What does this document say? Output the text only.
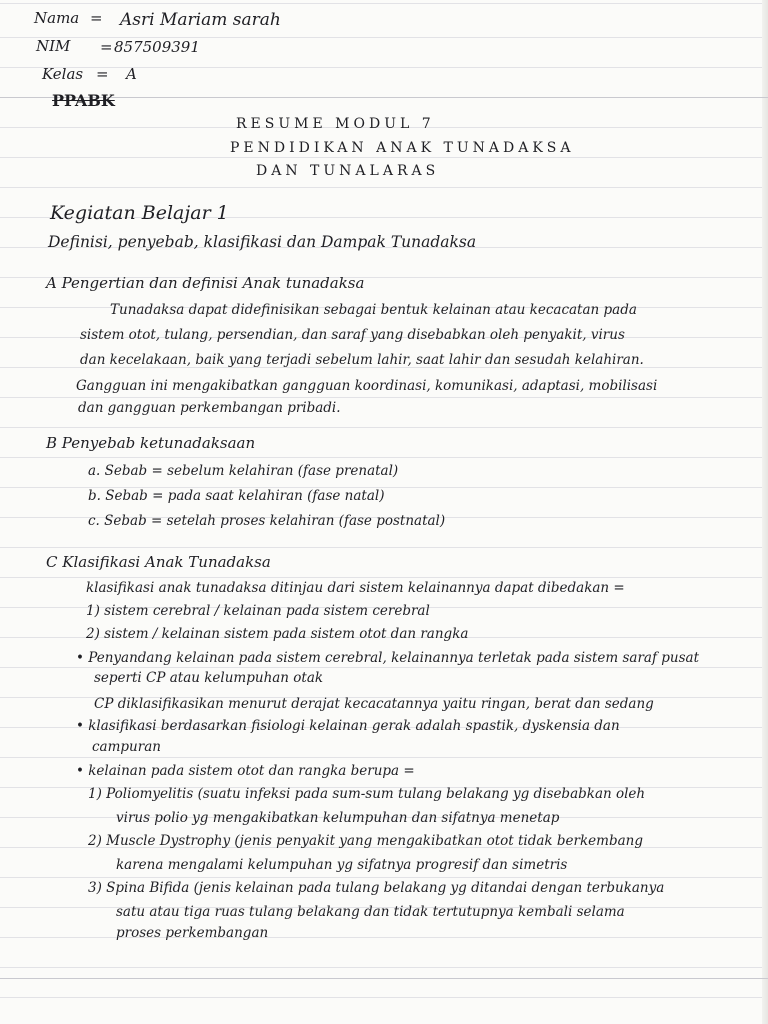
Nama = Asri Mariam sarah
NIM = 857509391
Kelas = A
PPABK
RESUME MODUL 7
PENDIDIKAN ANAK TUNADAKSA
DAN TUNALARAS
Kegiatan Belajar 1
Definisi, penyebab, klasifikasi dan Dampak Tunadaksa
A Pengertian dan definisi Anak tunadaksa
Tunadaksa dapat didefinisikan sebagai bentuk kelainan atau kecacatan pada
sistem otot, tulang, persendian, dan saraf yang disebabkan oleh penyakit, virus
dan kecelakaan, baik yang terjadi sebelum lahir, saat lahir dan sesudah kelahiran.
Gangguan ini mengakibatkan gangguan koordinasi, komunikasi, adaptasi, mobilisasi
dan gangguan perkembangan pribadi.
B Penyebab ketunadaksaan
a. Sebab = sebelum kelahiran (fase prenatal)
b. Sebab = pada saat kelahiran (fase natal)
c. Sebab = setelah proses kelahiran (fase postnatal)
C Klasifikasi Anak Tunadaksa
klasifikasi anak tunadaksa ditinjau dari sistem kelainannya dapat dibedakan =
1) sistem cerebral / kelainan pada sistem cerebral
2) sistem / kelainan sistem pada sistem otot dan rangka
• Penyandang kelainan pada sistem cerebral, kelainannya terletak pada sistem saraf pusat
seperti CP atau kelumpuhan otak
CP diklasifikasikan menurut derajat kecacatannya yaitu ringan, berat dan sedang
• klasifikasi berdasarkan fisiologi kelainan gerak adalah spastik, dyskensia dan
campuran
• kelainan pada sistem otot dan rangka berupa =
1) Poliomyelitis (suatu infeksi pada sum-sum tulang belakang yg disebabkan oleh
virus polio yg mengakibatkan kelumpuhan dan sifatnya menetap
2) Muscle Dystrophy (jenis penyakit yang mengakibatkan otot tidak berkembang
karena mengalami kelumpuhan yg sifatnya progresif dan simetris
3) Spina Bifida (jenis kelainan pada tulang belakang yg ditandai dengan terbukanya
satu atau tiga ruas tulang belakang dan tidak tertutupnya kembali selama
proses perkembangan
